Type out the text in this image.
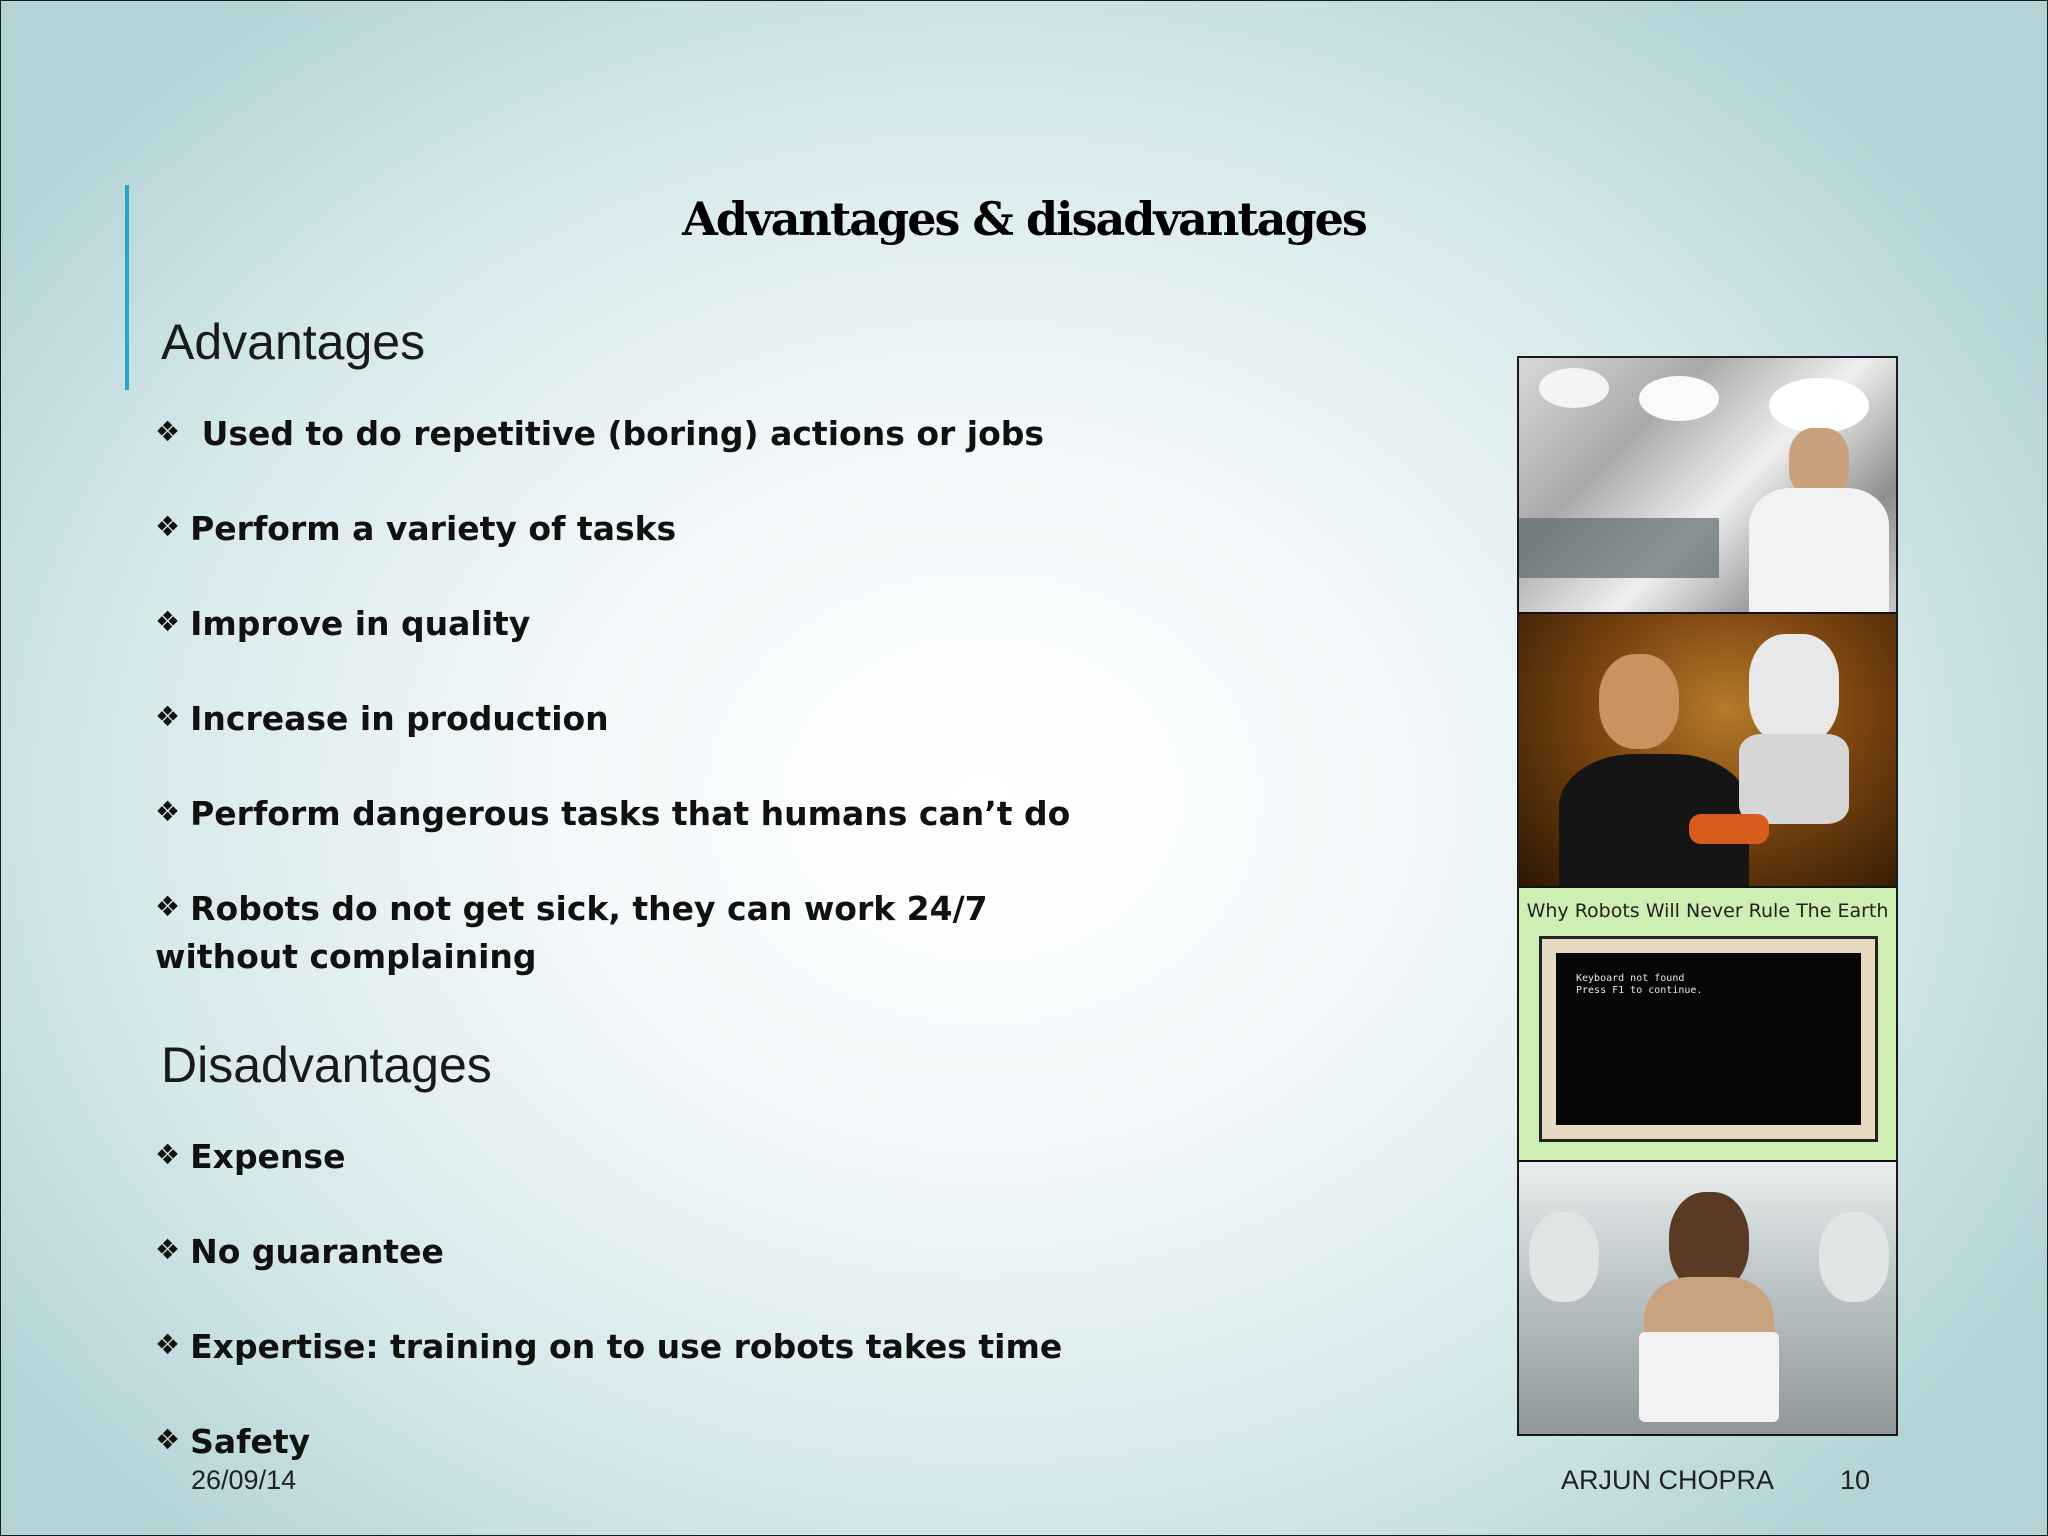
Advantages & disadvantages
Advantages
❖ Used to do repetitive (boring) actions or jobs
❖ Perform a variety of tasks
❖ Improve in quality
❖ Increase in production
❖ Perform dangerous tasks that humans can’t do
❖ Robots do not get sick, they can work 24/7 without complaining
Disadvantages
❖ Expense
❖ No guarantee
❖ Expertise: training on to use robots takes time
❖ Safety
Why Robots Will Never Rule The Earth
Keyboard not found
Press F1 to continue.
26/09/14	ARJUN CHOPRA 10
